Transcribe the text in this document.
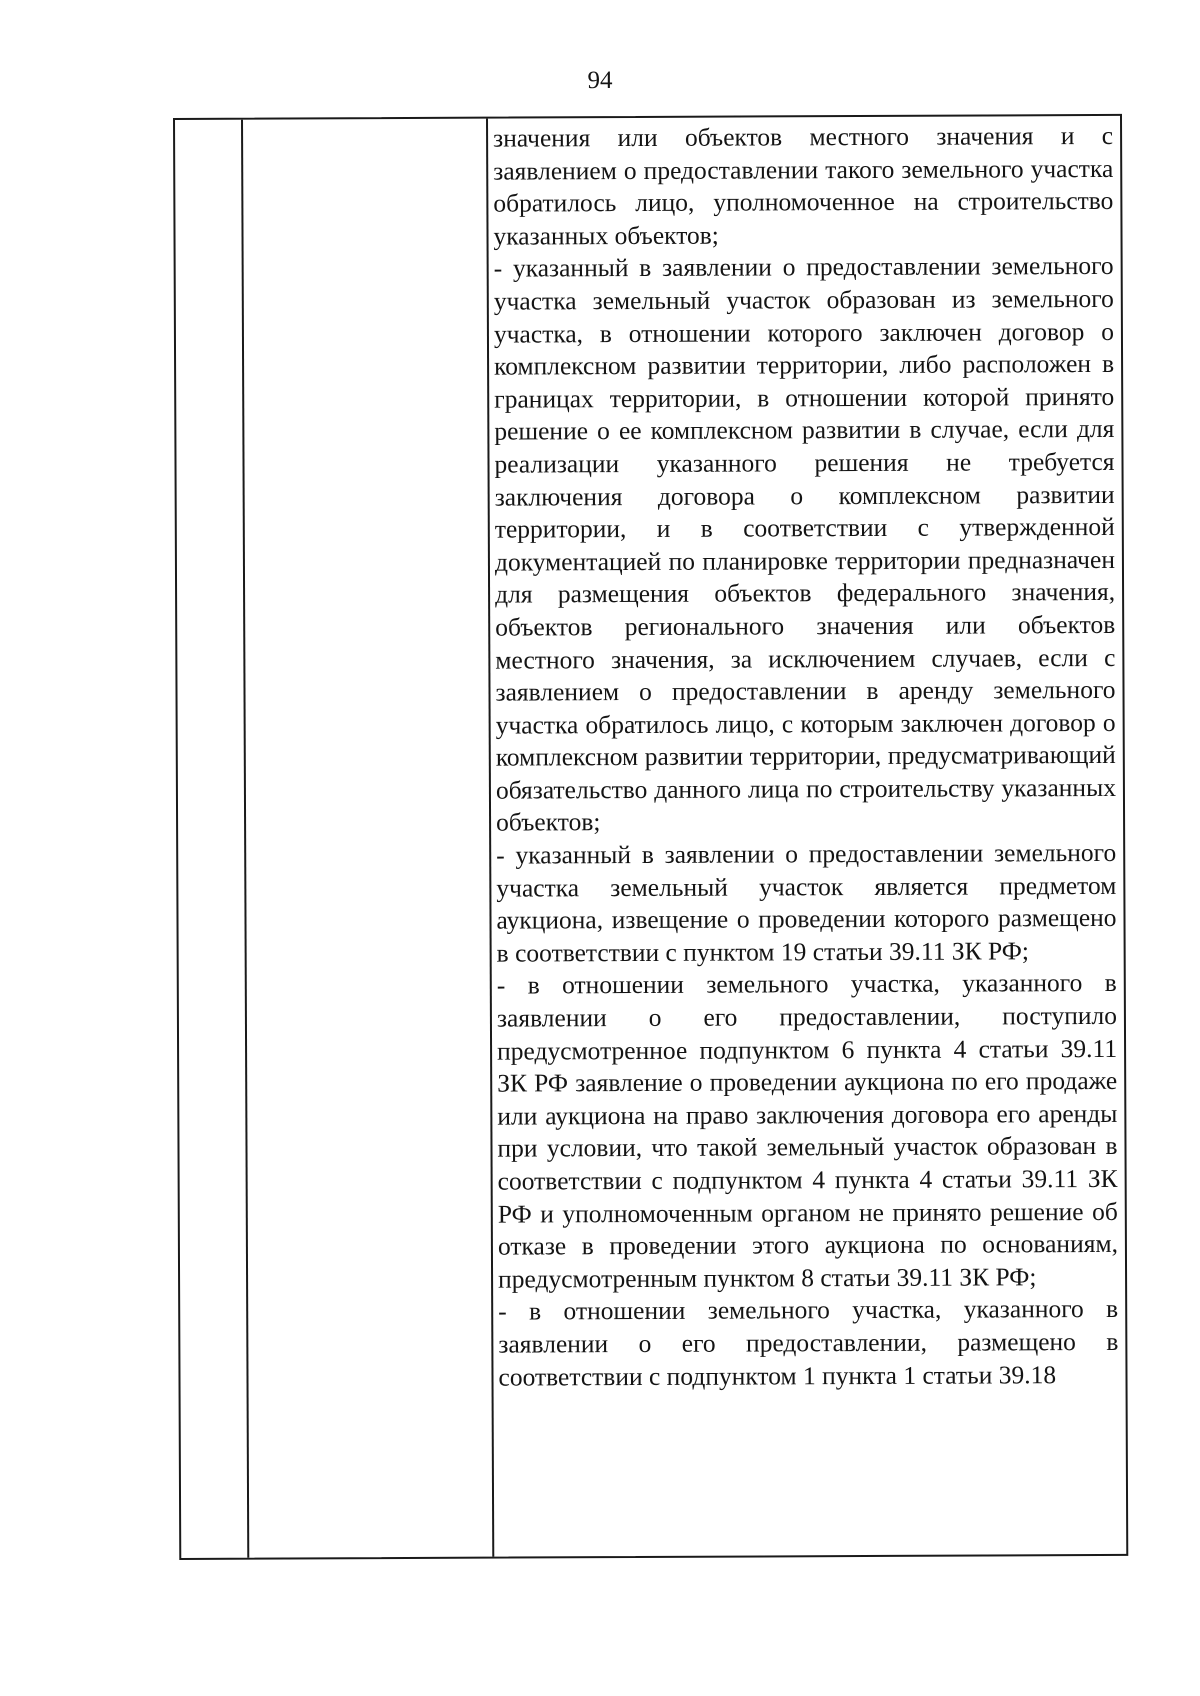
94

значения или объектов местного значения и с заявлением о предоставлении такого земельного участка обратилось лицо, уполномоченное на строительство указанных объектов;

- указанный в заявлении о предоставлении земельного участка земельный участок образован из земельного участка, в отношении которого заключен договор о комплексном развитии территории, либо расположен в границах территории, в отношении которой принято решение о ее комплексном развитии в случае, если для реализации указанного решения не требуется заключения договора о комплексном развитии территории, и в соответствии с утвержденной документацией по планировке территории предназначен для размещения объектов федерального значения, объектов регионального значения или объектов местного значения, за исключением случаев, если с заявлением о предоставлении в аренду земельного участка обратилось лицо, с которым заключен договор о комплексном развитии территории, предусматривающий обязательство данного лица по строительству указанных объектов;

- указанный в заявлении о предоставлении земельного участка земельный участок является предметом аукциона, извещение о проведении которого размещено в соответствии с пунктом 19 статьи 39.11 ЗК РФ;

- в отношении земельного участка, указанного в заявлении о его предоставлении, поступило предусмотренное подпунктом 6 пункта 4 статьи 39.11 ЗК РФ заявление о проведении аукциона по его продаже или аукциона на право заключения договора его аренды при условии, что такой земельный участок образован в соответствии с подпунктом 4 пункта 4 статьи 39.11 ЗК РФ и уполномоченным органом не принято решение об отказе в проведении этого аукциона по основаниям, предусмотренным пунктом 8 статьи 39.11 ЗК РФ;

- в отношении земельного участка, указанного в заявлении о его предоставлении, размещено в соответствии с подпунктом 1 пункта 1 статьи 39.18
